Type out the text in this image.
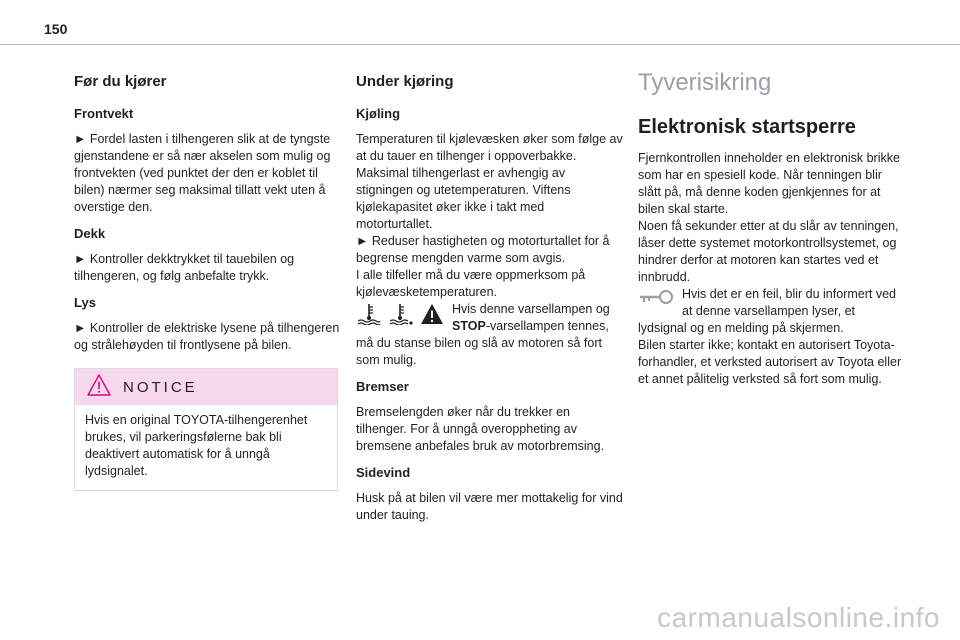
150
Før du kjører
Frontvekt

► Fordel lasten i tilhengeren slik at de tyngste gjenstandene er så nær akselen som mulig og frontvekten (ved punktet der den er koblet til bilen) nærmer seg maksimal tillatt vekt uten å overstige den.

Dekk

► Kontroller dekktrykket til tauebilen og tilhengeren, og følg anbefalte trykk.

Lys

► Kontroller de elektriske lysene på tilhengeren og strålehøyden til frontlysene på bilen.

NOTICE
Hvis en original TOYOTA-tilhengerenhet brukes, vil parkeringsfølerne bak bli deaktivert automatisk for å unngå lydsignalet.
Under kjøring
Kjøling

Temperaturen til kjølevæsken øker som følge av at du tauer en tilhenger i oppoverbakke. Maksimal tilhengerlast er avhengig av stigningen og utetemperaturen. Viftens kjølekapasitet øker ikke i takt med motorturtallet.

► Reduser hastigheten og motorturtallet for å begrense mengden varme som avgis.

I alle tilfeller må du være oppmerksom på kjølevæsketemperaturen.

Hvis denne varsellampen og STOP-varsellampen tennes, må du stanse bilen og slå av motoren så fort som mulig.
Bremser

Bremselengden øker når du trekker en tilhenger. For å unngå overoppheting av bremsene anbefales bruk av motorbremsing.

Sidevind

Husk på at bilen vil være mer mottakelig for vind under tauing.

Tyverisikring
Elektronisk startsperre

Fjernkontrollen inneholder en elektronisk brikke som har en spesiell kode. Når tenningen blir slått på, må denne koden gjenkjennes for at bilen skal starte.

Noen få sekunder etter at du slår av tenningen, låser dette systemet motorkontrollsystemet, og hindrer derfor at motoren kan startes ved et innbrudd.

Hvis det er en feil, blir du informert ved at denne varsellampen lyser, et lydsignal og en melding på skjermen.

Bilen starter ikke; kontakt en autorisert Toyota-forhandler, et verksted autorisert av Toyota eller et annet pålitelig verksted så fort som mulig.

carmanualsonline.info
